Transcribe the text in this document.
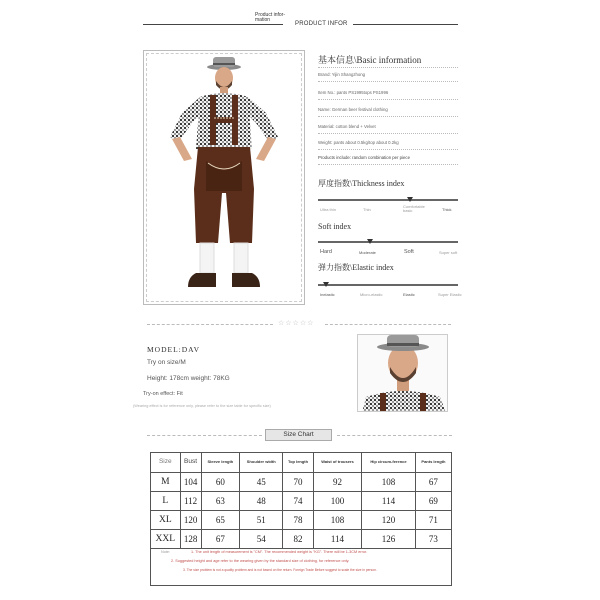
Product infor-mation
PRODUCT INFOR
基本信息\Basic information
Brand: Yijin Shangzhong
Item No.: pants PS1995tops PS1996
Name: German beer festival clothing
Material: cotton blend + Velvet
Weight: pants about 0.5kg/top about 0.2kg
Products include: random combination per piece
厚度指数\Thickness index
Ultra thin	Thin
Comfortable basic	Thick
Soft index
Hard	Moderate	Soft	Super soft
弹力指数\Elastic index
Inelastic	Micro-elastic	Elastic	Super Elastic
☆☆☆☆☆
MODEL:DAV
Try on size/M
Height: 178cm weight: 78KG
Try-on effect: Fit
(Wearing effect is for reference only, please refer to the size table for specific size)
Size Chart
Size	Bust	Sleeve length	Shoulder width	Top length	Waist of trousers	Hip circum-ference	Pants length
M	104	60	45	70	92	108	67
L	112	63	48	74	100	114	69
XL	120	65	51	78	108	120	71
XXL	128	67	54	82	114	126	73
Note:	1. The unit length of measurement is "CM". The recommended weight is "KG". There will be 1-3CM error.
2. Suggested height and age refer to the wearing given by the standard size of clothing, for reference only.
3. The size problem is not a quality problem and is not based on the return. Foreign Trade Before suggest to scale the size in person.
